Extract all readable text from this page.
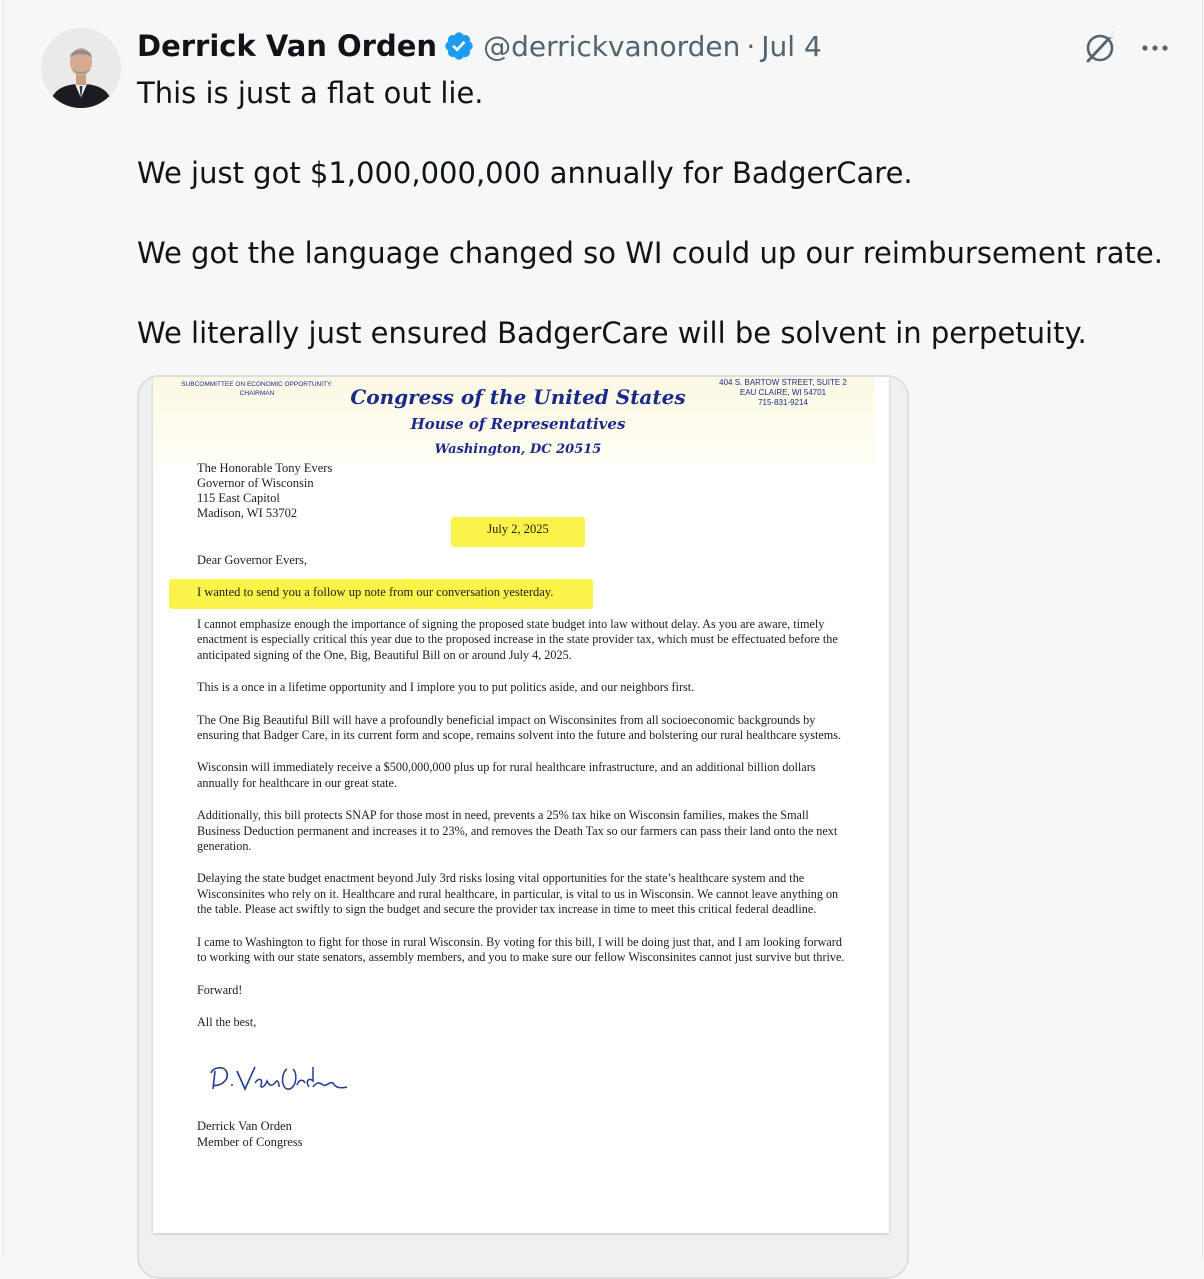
Derrick Van Orden @derrickvanorden · Jul 4

This is just a flat out lie.

We just got $1,000,000,000 annually for BadgerCare.

We got the language changed so WI could up our reimbursement rate.

We literally just ensured BadgerCare will be solvent in perpetuity.

SUBCOMMITTEE ON ECONOMIC OPPORTUNITY:
CHAIRMAN	Congress of the United States
House of Representatives
Washington, DC 20515
404 S. BARTOW STREET, SUITE 2
EAU CLAIRE, WI 54701
715-831-9214
The Honorable Tony Evers
Governor of Wisconsin
115 East Capitol
Madison, WI 53702
July 2, 2025
Dear Governor Evers,
I wanted to send you a follow up note from our conversation yesterday.

I cannot emphasize enough the importance of signing the proposed state budget into law without delay. As you are aware, timely enactment is especially critical this year due to the proposed increase in the state provider tax, which must be effectuated before the anticipated signing of the One, Big, Beautiful Bill on or around July 4, 2025.

This is a once in a lifetime opportunity and I implore you to put politics aside, and our neighbors first.

The One Big Beautiful Bill will have a profoundly beneficial impact on Wisconsinites from all socioeconomic backgrounds by ensuring that Badger Care, in its current form and scope, remains solvent into the future and bolstering our rural healthcare systems.

Wisconsin will immediately receive a $500,000,000 plus up for rural healthcare infrastructure, and an additional billion dollars annually for healthcare in our great state.

Additionally, this bill protects SNAP for those most in need, prevents a 25% tax hike on Wisconsin families, makes the Small Business Deduction permanent and increases it to 23%, and removes the Death Tax so our farmers can pass their land onto the next generation.

Delaying the state budget enactment beyond July 3rd risks losing vital opportunities for the state’s healthcare system and the Wisconsinites who rely on it. Healthcare and rural healthcare, in particular, is vital to us in Wisconsin. We cannot leave anything on the table. Please act swiftly to sign the budget and secure the provider tax increase in time to meet this critical federal deadline.

I came to Washington to fight for those in rural Wisconsin. By voting for this bill, I will be doing just that, and I am looking forward to working with our state senators, assembly members, and you to make sure our fellow Wisconsinites cannot just survive but thrive.

Forward!

All the best,

Derrick Van Orden
Member of Congress
